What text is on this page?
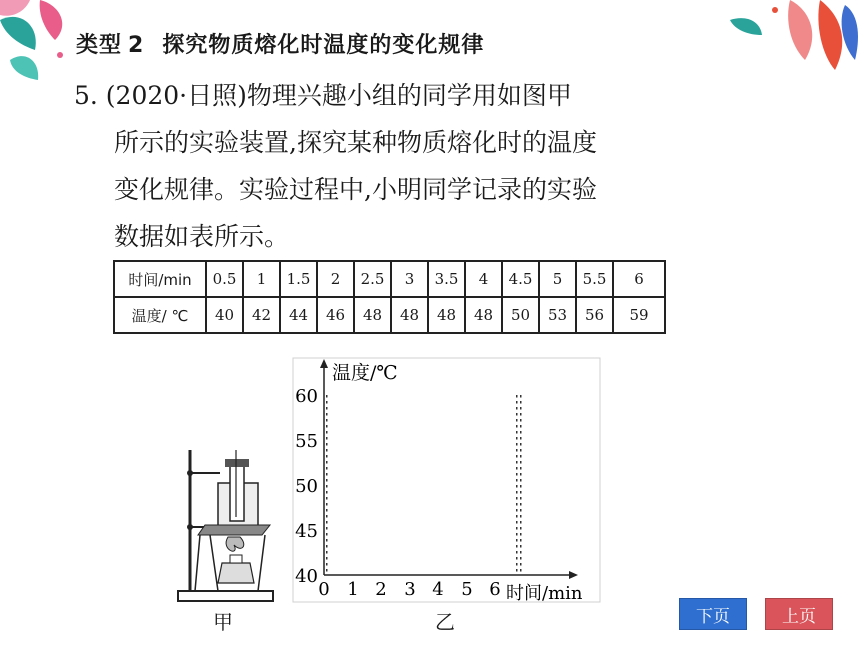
类型 2 探究物质熔化时温度的变化规律
5. (2020·日照)物理兴趣小组的同学用如图甲
所示的实验装置,探究某种物质熔化时的温度
变化规律。实验过程中,小明同学记录的实验
数据如表所示。
时间/min	0.5	1	1.5	2	2.5	3	3.5	4	4.5	5	5.5	6
温度/ ℃	40	42	44	46	48	48	48	48	50	53	56	59
温度/℃
时间/min
60
55
50
45
40
0 1 2 3 4 5 6
甲	乙	下页	上页
